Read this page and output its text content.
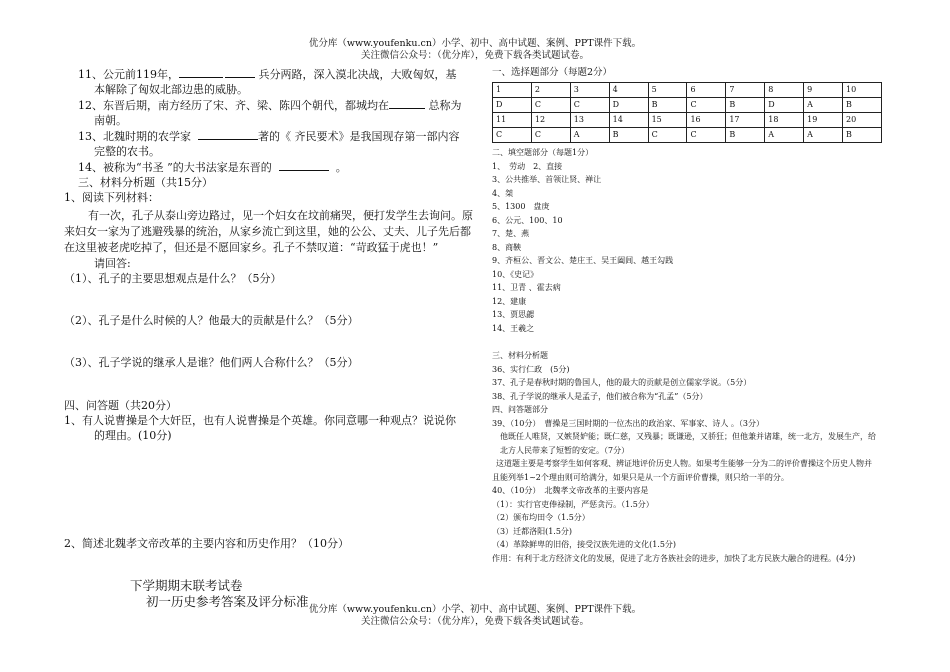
优分库（www.youfenku.cn）小学、初中、高中试题、案例、PPT课件下载。
关注微信公众号：（优分库），免费下载各类试题试卷。

11、公元前119年，	兵分两路，深入漠北决战，大败匈奴，基

本解除了匈奴北部边患的威胁。

12、东晋后期，南方经历了宋、齐、梁、陈四个朝代，都城均在	总称为

南朝。

13、北魏时期的农学家	著的《 齐民要术》是我国现存第一部内容

完整的农书。

14、被称为“书圣 ”的大书法家是东晋的	。

三、材料分析题（共15分）

1、阅读下列材料：

有一次，孔子从泰山旁边路过，见一个妇女在坟前痛哭，便打发学生去询问。原来妇女一家为了逃避残暴的统治，从家乡流亡到这里，她的公公、丈夫、儿子先后都在这里被老虎吃掉了，但还是不愿回家乡。孔子不禁叹道：“苛政猛于虎也！”

请回答:

（1）、孔子的主要思想观点是什么？（5分）

（2）、孔子是什么时候的人？他最大的贡献是什么？（5分）

（3）、孔子学说的继承人是谁？他们两人合称什么？（5分）

四、问答题（共20分）

1、有人说曹操是个大奸臣，也有人说曹操是个英雄。你同意哪一种观点？说说你

的理由。(10分)

2、简述北魏孝文帝改革的主要内容和历史作用？（10分）

下学期期末联考试卷
初一历史参考答案及评分标准

一、选择题部分（每题2分）

1	2	3	4	5	6	7	8	9	10
D	C	C	D	B	C	B	D	A	B
11	12	13	14	15	16	17	18	19	20
C	C	A	B	C	C	B	A	A	B

二、填空题部分（每题1分）

1、　劳动　2、直接

3、公共推举、首领让贤、禅让

4、桀

5、1300　盘庚

6、公元、100、10

7、楚、燕

8、商鞅

9、齐桓公、晋文公、楚庄王、吴王阖闾、越王勾践

10、《史记》

11、卫青 、霍去病

12、建康

13、贾思勰

14、王羲之

三、材料分析题

36、实行仁政　(5分)

37、孔子是春秋时期的鲁国人，他的最大的贡献是创立儒家学说。（5分）

38、孔子学说的继承人是孟子，他们被合称为“孔孟”（5分）

四、问答题部分

39、（10分）　曹操是三国时期的一位杰出的政治家、军事家、诗人 。（3分）

他既任人唯贤，又嫉贤妒能；既仁慈，又残暴；既谦逊，又骄狂；但他兼并诸雄，统一北方，发展生产，给

北方人民带来了短暂的安定。（7分）

这道题主要是考察学生如何客观、辨证地评价历史人物。如果考生能够一分为二的评价曹操这个历史人物并

且能列举1~2个理由则可给满分，如果只是从一个方面评价曹操，则只给一半的分。

40、（10分）　北魏孝文帝改革的主要内容是

（1）：实行官吏俸禄制，严惩贪污。（1.5分）

（2）颁布均田令（1.5分）

（3）迁都洛阳(1.5分)

（4）革除鲜卑的旧俗，接受汉族先进的文化(1.5分)

作用：有利于北方经济文化的发展，促进了北方各族社会的进步，加快了北方民族大融合的进程。(4分)

优分库（www.youfenku.cn）小学、初中、高中试题、案例、PPT课件下载。
关注微信公众号：（优分库），免费下载各类试题试卷。
